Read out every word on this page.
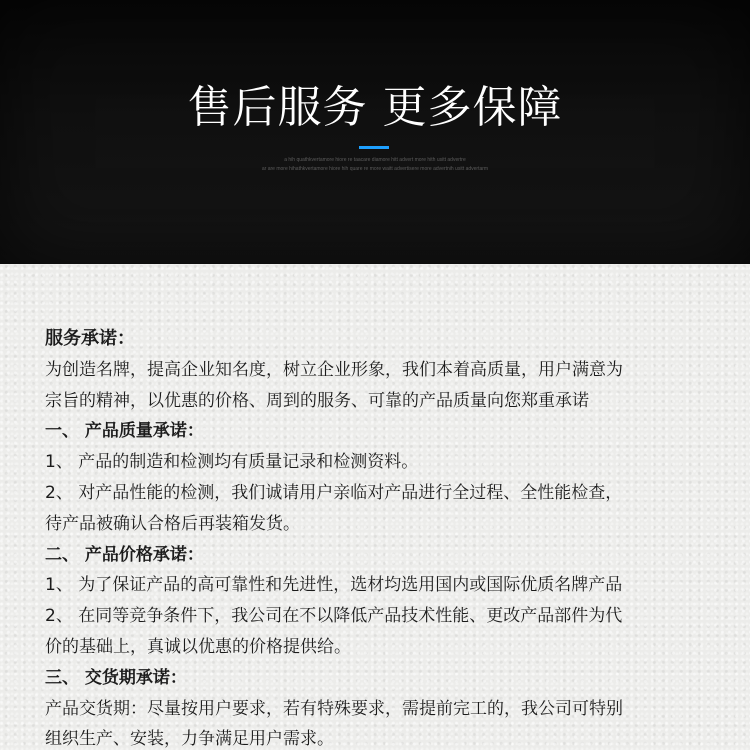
售后服务 更多保障
a hih quathkvertamore hiore re taacare diamore hitt advert more hith usitt advertre
ar are more hihathkvertamore hiore hih quare re more waitt advertisere more advertnih usitt advertarm

服务承诺：

为创造名牌，提高企业知名度，树立企业形象，我们本着高质量，用户满意为

宗旨的精神，以优惠的价格、周到的服务、可靠的产品质量向您郑重承诺

一、 产品质量承诺：

1、 产品的制造和检测均有质量记录和检测资料。

2、 对产品性能的检测，我们诚请用户亲临对产品进行全过程、全性能检查，

待产品被确认合格后再装箱发货。

二、 产品价格承诺：

1、 为了保证产品的高可靠性和先进性，选材均选用国内或国际优质名牌产品

2、 在同等竞争条件下，我公司在不以降低产品技术性能、更改产品部件为代

价的基础上，真诚以优惠的价格提供给。

三、 交货期承诺：

产品交货期：尽量按用户要求，若有特殊要求，需提前完工的，我公司可特别

组织生产、安装，力争满足用户需求。
